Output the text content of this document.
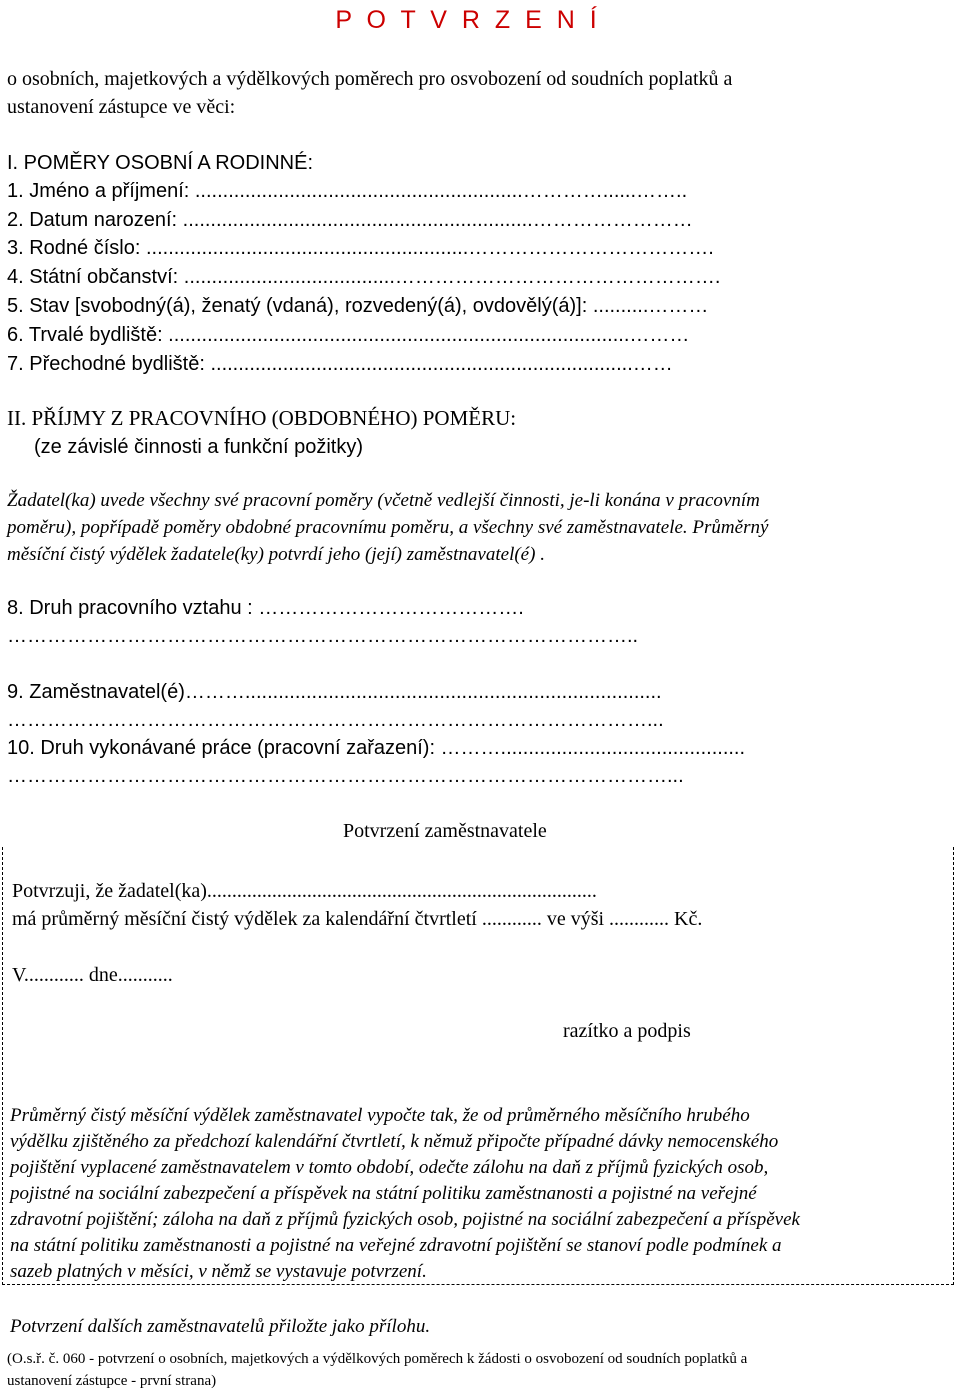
P O T V R Z E N Í
o osobních, majetkových a výdělkových poměrech pro osvobození od soudních poplatků a
ustanovení zástupce ve věci:
I. POMĚRY OSOBNÍ A RODINNÉ:
1. Jméno a příjmení: ...........................................................…………......……..
2. Datum narození: ...............................................................……………………
3. Rodné číslo: ..........................................................……………………………….
4. Státní občanství: ......................................………………………………………….
5. Stav [svobodný(á), ženatý (vdaná), rozvedený(á), ovdovělý(á)]: ..........………
6. Trvalé bydliště: ...................................................................................………
7. Přechodné bydliště: ............................................................................……
II. PŘÍJMY Z PRACOVNÍHO (OBDOBNÉHO) POMĚRU:
(ze závislé činnosti a funkční požitky)
Žadatel(ka) uvede všechny své pracovní poměry (včetně vedlejší činnosti, je-li konána v pracovním
poměru), popřípadě poměry obdobné pracovnímu poměru, a všechny své zaměstnavatele. Průměrný
měsíční čistý výdělek žadatele(ky) potvrdí jeho (její) zaměstnavatel(é) .
8. Druh pracovního vztahu : ………………………………….
…………………………………………………………………………………..
9. Zaměstnavatel(é)………...........................................................................
……………………………………………………………………………………...
10. Druh vykonávané práce (pracovní zařazení): ………............................................
………………………………………………………………………………………...
Potvrzení zaměstnavatele
Potvrzuji, že žadatel(ka)..............................................................................
má průměrný měsíční čistý výdělek za kalendářní čtvrtletí ............ ve výši ............ Kč.
V............ dne...........
razítko a podpis
Průměrný čistý měsíční výdělek zaměstnavatel vypočte tak, že od průměrného měsíčního hrubého
výdělku zjištěného za předchozí kalendářní čtvrtletí, k němuž připočte případné dávky nemocenského
pojištění vyplacené zaměstnavatelem v tomto období, odečte zálohu na daň z příjmů fyzických osob,
pojistné na sociální zabezpečení a příspěvek na státní politiku zaměstnanosti a pojistné na veřejné
zdravotní pojištění; záloha na daň z příjmů fyzických osob, pojistné na sociální zabezpečení a příspěvek
na státní politiku zaměstnanosti a pojistné na veřejné zdravotní pojištění se stanoví podle podmínek a
sazeb platných v měsíci, v němž se vystavuje potvrzení.
Potvrzení dalších zaměstnavatelů přiložte jako přílohu.
(O.s.ř. č. 060 - potvrzení o osobních, majetkových a výdělkových poměrech k žádosti o osvobození od soudních poplatků a
ustanovení zástupce - první strana)
